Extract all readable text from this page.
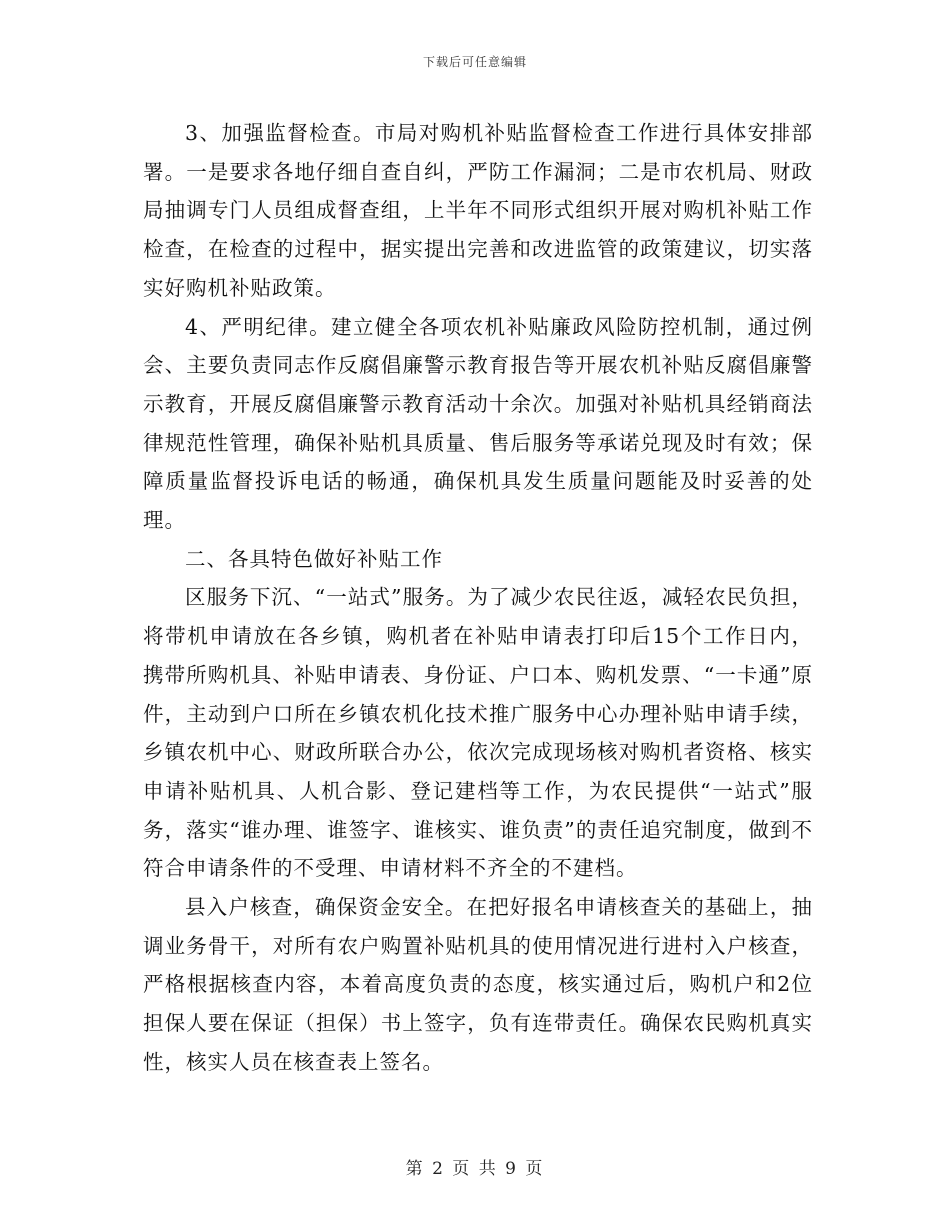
下载后可任意编辑

3、加强监督检查。市局对购机补贴监督检查工作进行具体安排部署。一是要求各地仔细自查自纠，严防工作漏洞；二是市农机局、财政局抽调专门人员组成督查组，上半年不同形式组织开展对购机补贴工作检查，在检查的过程中，据实提出完善和改进监管的政策建议，切实落实好购机补贴政策。

4、严明纪律。建立健全各项农机补贴廉政风险防控机制，通过例会、主要负责同志作反腐倡廉警示教育报告等开展农机补贴反腐倡廉警示教育，开展反腐倡廉警示教育活动十余次。加强对补贴机具经销商法律规范性管理，确保补贴机具质量、售后服务等承诺兑现及时有效；保障质量监督投诉电话的畅通，确保机具发生质量问题能及时妥善的处理。

二、各具特色做好补贴工作

区服务下沉、“一站式”服务。为了减少农民往返，减轻农民负担，将带机申请放在各乡镇，购机者在补贴申请表打印后15个工作日内，携带所购机具、补贴申请表、身份证、户口本、购机发票、“一卡通”原件，主动到户口所在乡镇农机化技术推广服务中心办理补贴申请手续，乡镇农机中心、财政所联合办公，依次完成现场核对购机者资格、核实申请补贴机具、人机合影、登记建档等工作，为农民提供“一站式”服务，落实“谁办理、谁签字、谁核实、谁负责”的责任追究制度，做到不符合申请条件的不受理、申请材料不齐全的不建档。

县入户核查，确保资金安全。在把好报名申请核查关的基础上，抽调业务骨干，对所有农户购置补贴机具的使用情况进行进村入户核查，严格根据核查内容，本着高度负责的态度，核实通过后，购机户和2位担保人要在保证（担保）书上签字，负有连带责任。确保农民购机真实性，核实人员在核查表上签名。

第 2 页 共 9 页
